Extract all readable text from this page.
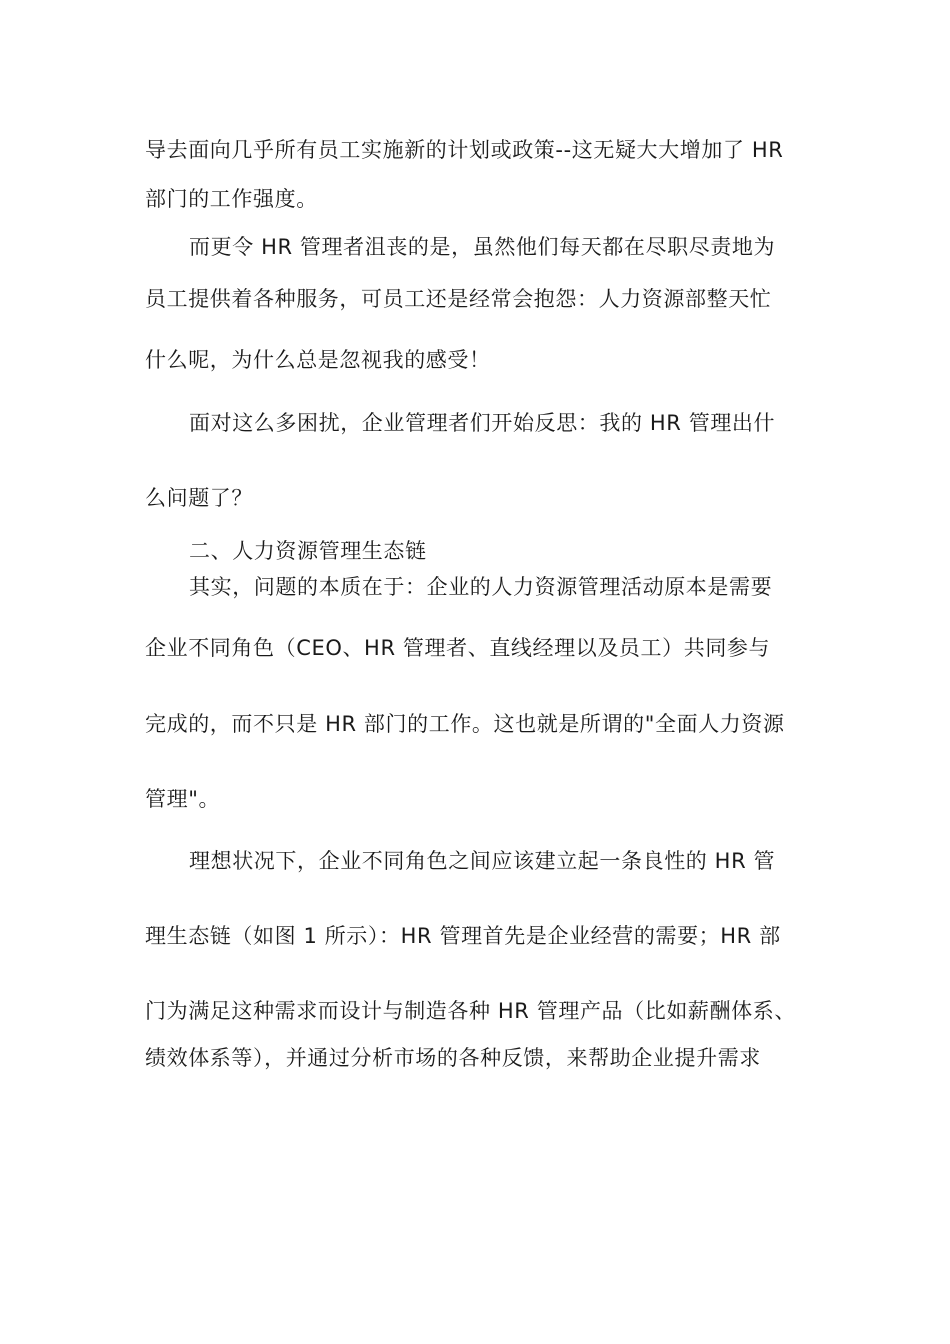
导去面向几乎所有员工实施新的计划或政策--这无疑大大增加了 HR
部门的工作强度。
而更令 HR 管理者沮丧的是，虽然他们每天都在尽职尽责地为
员工提供着各种服务，可员工还是经常会抱怨：人力资源部整天忙
什么呢，为什么总是忽视我的感受！
面对这么多困扰，企业管理者们开始反思：我的 HR 管理出什
么问题了？
二、人力资源管理生态链
其实，问题的本质在于：企业的人力资源管理活动原本是需要
企业不同角色（CEO、HR 管理者、直线经理以及员工）共同参与
完成的，而不只是 HR 部门的工作。这也就是所谓的"全面人力资源
管理"。
理想状况下，企业不同角色之间应该建立起一条良性的 HR 管
理生态链（如图 1 所示）：HR 管理首先是企业经营的需要；HR 部
门为满足这种需求而设计与制造各种 HR 管理产品（比如薪酬体系、
绩效体系等），并通过分析市场的各种反馈，来帮助企业提升需求
